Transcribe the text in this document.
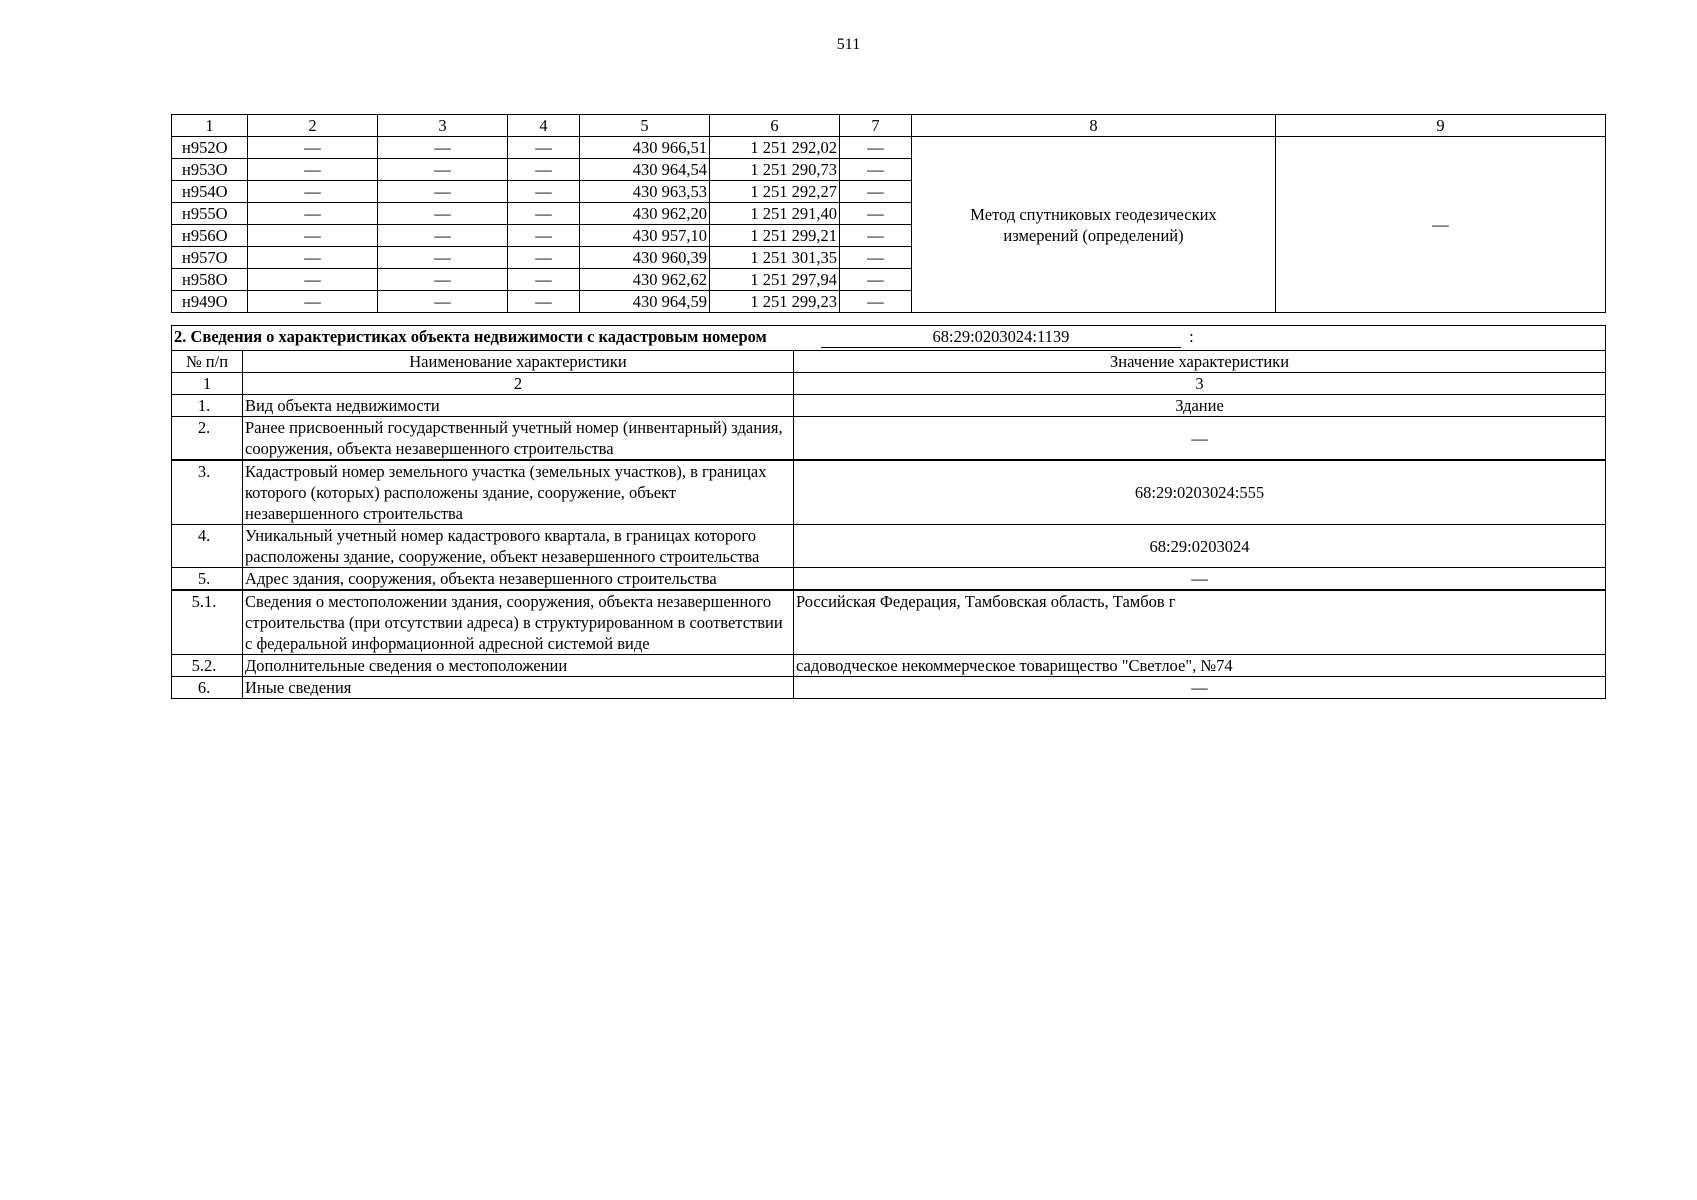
511
1	2	3	4	5	6	7	8	9
н952О	—	—	—	430 966,51	1 251 292,02	—	Метод спутниковых геодезических измерений (определений)	—
н953О	—	—	—	430 964,54	1 251 290,73	—		
н954О	—	—	—	430 963,53	1 251 292,27	—		
н955О	—	—	—	430 962,20	1 251 291,40	—		
н956О	—	—	—	430 957,10	1 251 299,21	—		
н957О	—	—	—	430 960,39	1 251 301,35	—		
н958О	—	—	—	430 962,62	1 251 297,94	—		
н949О	—	—	—	430 964,59	1 251 299,23	—		
2. Сведения о характеристиках объекта недвижимости с кадастровым номером 68:29:0203024:1139 :		
№ п/п	Наименование характеристики	Значение характеристики
1	2	3
1.	Вид объекта недвижимости	Здание
2.	Ранее присвоенный государственный учетный номер (инвентарный) здания, сооружения, объекта незавершенного строительства	—
3.	Кадастровый номер земельного участка (земельных участков), в границах которого (которых) расположены здание, сооружение, объект незавершенного строительства	68:29:0203024:555
4.	Уникальный учетный номер кадастрового квартала, в границах которого расположены здание, сооружение, объект незавершенного строительства	68:29:0203024
5.	Адрес здания, сооружения, объекта незавершенного строительства	—
5.1.	Сведения о местоположении здания, сооружения, объекта незавершенного строительства (при отсутствии адреса) в структурированном в соответствии с федеральной информационной адресной системой виде	Российская Федерация, Тамбовская область, Тамбов г
5.2.	Дополнительные сведения о местоположении	садоводческое некоммерческое товарищество "Светлое", №74
6.	Иные сведения	—
